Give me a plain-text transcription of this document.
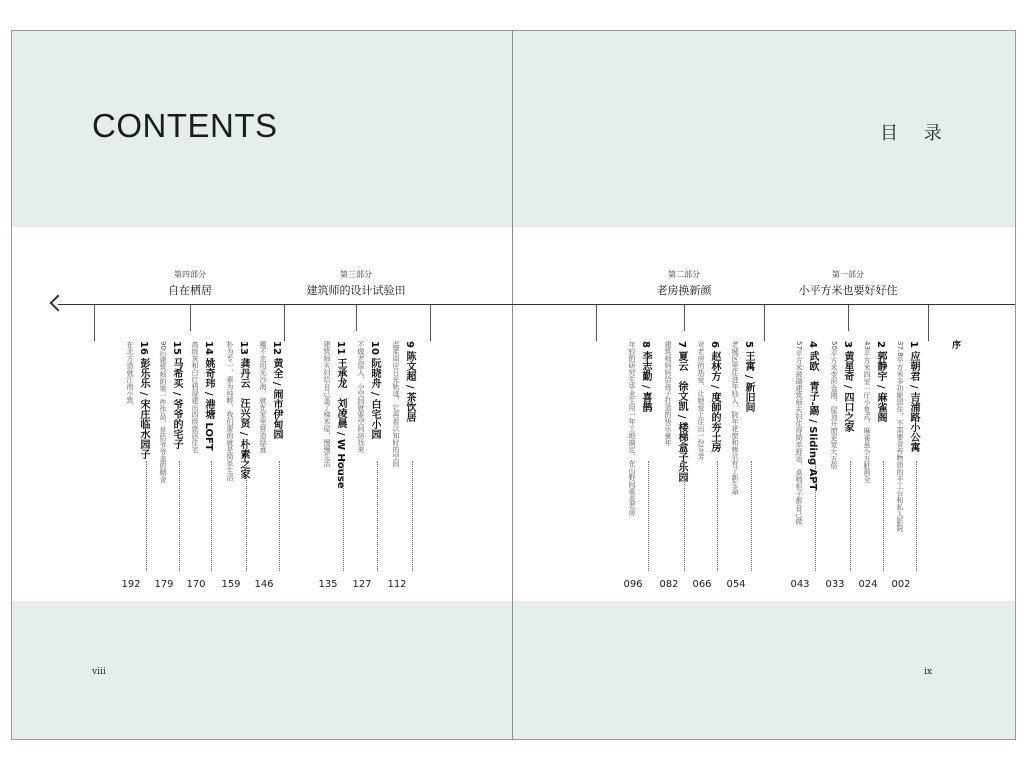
CONTENTS	目 录
第四部分
自在栖居
第三部分
建筑师的设计试验田
第二部分
老房换新颜
第一部分
小平方米也要好好住
序
1 应朝君 / 吉浦路小公寓
37.8平方米多功能居住，不需要舍弃物质的手工台和私人影院
002
2 郭静宇 / 麻雀阁
43平方米四室一厅小复式，麻雀虽小五脏俱全
024
3 黄星奇 / 四口之家
50平方米变形金刚，屋顶开窗更宽大五倍
033
4 武欧　青子-踢 / Sliding APT
57平方米玻璃建筑师夫妇住得简单舒适，桌椅柜子都自己做
043
5 王寓 / 新旧间
老城区里住进年轻人，院年花窗和棒贝有了新生命
054
6 赵林方 / 度師的夯土房
对老房的热爱，让她爱上住出一份芬芳
066
7 夏云　徐文凯 / 楼梯盒子乐园
建筑师妈妈给孩子打造的快乐童年
082
8 李志勤 / 喜鹊
年轻的研究生毕业生用一年工地搞定，在山野间重盖老房
096
9 陈文超 / 茶饮居
温柔周应日光轨迹，它再看以知时的空间
112
10 阮晓舟 / 白宅小园
不做老屋人，小空间就要空间坊找来
127
11 王承龙　刘凌晨 / W House
建筑师夫妇给自己盖了梯木屋，慢慢生活
135
12 黄全 / 闹市伊甸园
哪不走用光沙海，就在家里营造绿意
146
13 龚丹云　汪兴贤 / 朴素之家
朴为专一，素为纯粹，我们要的就是简单生活
159
14 姚奇玮 / 港塘 LOFT
高级灰和白红鸦现建出四级旅居住宅
170
15 马希买 / 爷爷的宅子
90后建筑师的第一件作品，是给爷爷盖的精舍
179
16 彭乐乐 / 宋庄临水园子
在北方造就江南小筑
192
viii	ix
